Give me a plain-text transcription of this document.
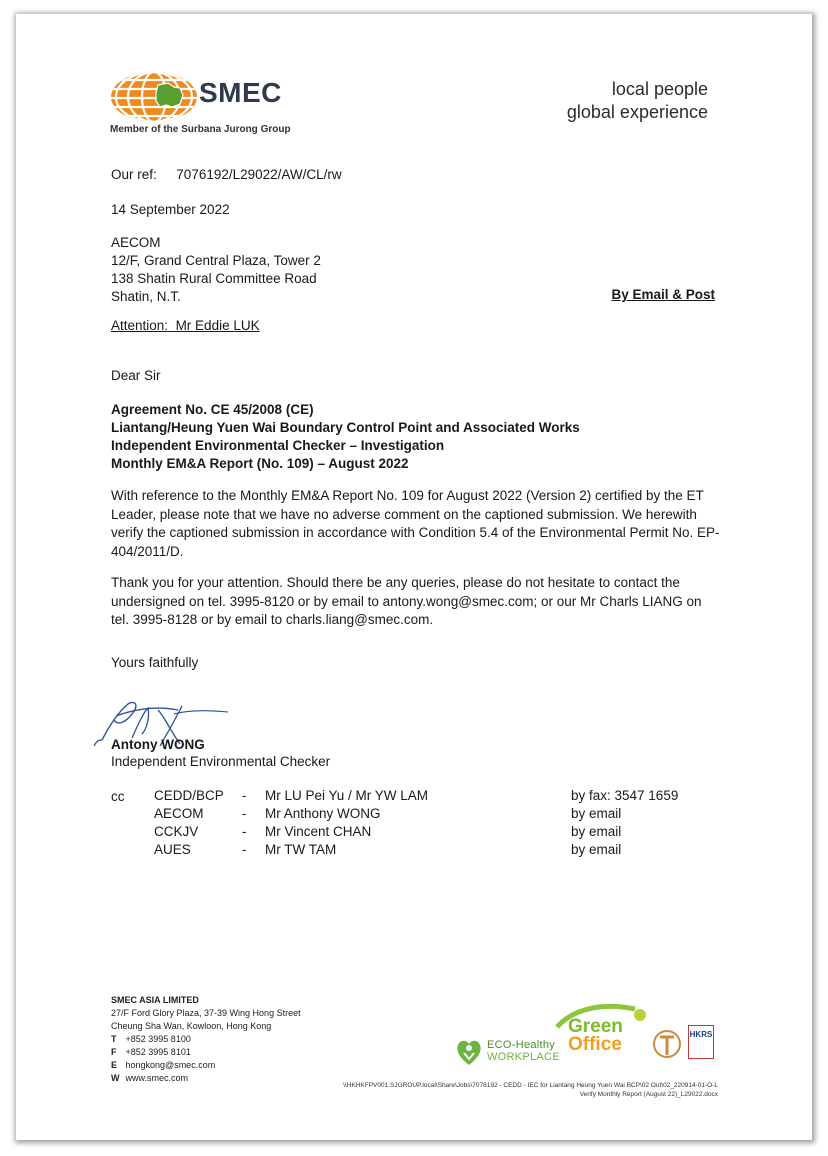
SMEC
Member of the Surbana Jurong Group
local people
global experience
Our ref: 7076192/L29022/AW/CL/rw
14 September 2022
AECOM
12/F, Grand Central Plaza, Tower 2
138 Shatin Rural Committee Road
Shatin, N.T.	By Email & Post
Attention: Mr Eddie LUK
Dear Sir
Agreement No. CE 45/2008 (CE)
Liantang/Heung Yuen Wai Boundary Control Point and Associated Works
Independent Environmental Checker – Investigation
Monthly EM&A Report (No. 109) – August 2022
With reference to the Monthly EM&A Report No. 109 for August 2022 (Version 2) certified by the ET Leader, please note that we have no adverse comment on the captioned submission. We herewith verify the captioned submission in accordance with Condition 5.4 of the Environmental Permit No. EP-404/2011/D.
Thank you for your attention. Should there be any queries, please do not hesitate to contact the undersigned on tel. 3995-8120 or by email to antony.wong@smec.com; or our Mr Charls LIANG on tel. 3995-8128 or by email to charls.liang@smec.com.
Yours faithfully
Antony WONG
Independent Environmental Checker
cc CEDD/BCP - Mr LU Pei Yu / Mr YW LAM	by fax: 3547 1659
AECOM	- Mr Anthony WONG	by email
CCKJV	- Mr Vincent CHAN	by email
AUES	- Mr TW TAM	by email
SMEC ASIA LIMITED
27/F Ford Glory Plaza, 37-39 Wing Hong Street
Cheung Sha Wan, Kowloon, Hong Kong
T +852 3995 8100
F +852 3995 8101
E hongkong@smec.com
W www.smec.com
ECO-Healthy
WORKPLACE
Green
Office	HKRS
\\HKHKFPV001.SJGROUP.local\Share\Jobs\7076192 - CEDD - IEC for Liantang Heung Yuen Wai BCP\02 Out\02_220914-01-O-L
Verify Monthly Report (August 22)_L29022.docx
